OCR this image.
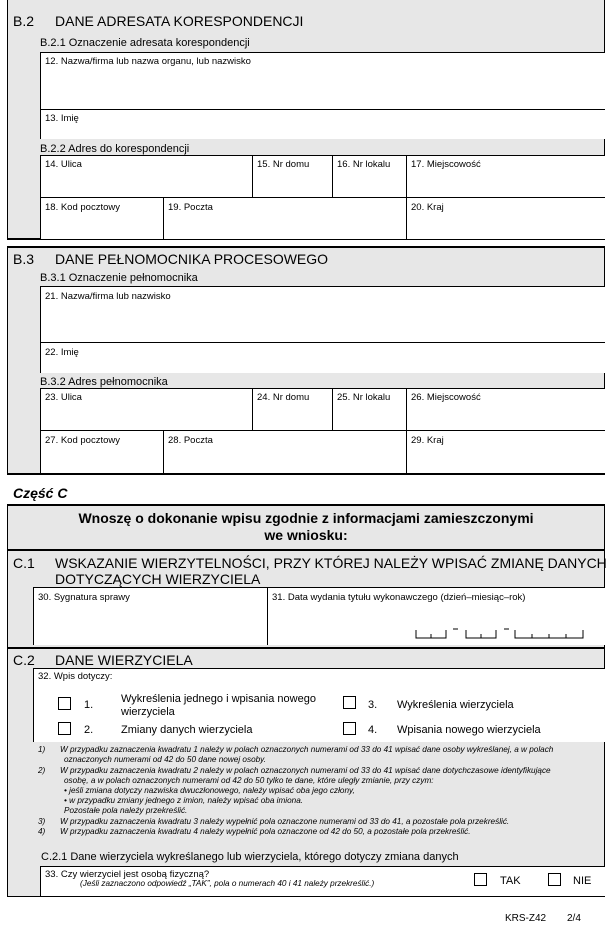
B.2 DANE ADRESATA KORESPONDENCJI
B.2.1 Oznaczenie adresata korespondencji
12. Nazwa/firma lub nazwa organu, lub nazwisko
13. Imię
B.2.2 Adres do korespondencji
14. Ulica	15. Nr domu	16. Nr lokalu 17. Miejscowość
18. Kod pocztowy	19. Poczta	20. Kraj
B.3 DANE PEŁNOMOCNIKA PROCESOWEGO
B.3.1 Oznaczenie pełnomocnika
21. Nazwa/firma lub nazwisko
22. Imię
B.3.2 Adres pełnomocnika
23. Ulica	24. Nr domu	25. Nr lokalu 26. Miejscowość
27. Kod pocztowy	28. Poczta	29. Kraj
Część C
Wnoszę o dokonanie wpisu zgodnie z informacjami zamieszczonymi
we wniosku:
C.1 WSKAZANIE WIERZYTELNOŚCI, PRZY KTÓREJ NALEŻY WPISAĆ ZMIANĘ DANYCH
DOTYCZĄCYCH WIERZYCIELA
30. Sygnatura sprawy	31. Data wydania tytułu wykonawczego (dzień–miesiąc–rok)
C.2 DANE WIERZYCIELA
32. Wpis dotyczy:
1.	Wykreślenia jednego i wpisania nowego
wierzyciela
2.	Zmiany danych wierzyciela
3. Wykreślenia wierzyciela
4. Wpisania nowego wierzyciela
1) W przypadku zaznaczenia kwadratu 1 należy w polach oznaczonych numerami od 33 do 41 wpisać dane osoby wykreślanej, a w polach
oznaczonych numerami od 42 do 50 dane nowej osoby.
2) W przypadku zaznaczenia kwadratu 2 należy w polach oznaczonych numerami od 33 do 41 wpisać dane dotychczasowe identyfikujące
osobę, a w polach oznaczonych numerami od 42 do 50 tylko te dane, które uległy zmianie, przy czym:
• jeśli zmiana dotyczy nazwiska dwuczłonowego, należy wpisać oba jego człony,
• w przypadku zmiany jednego z imion, należy wpisać oba imiona.
Pozostałe pola należy przekreślić.
3) W przypadku zaznaczenia kwadratu 3 należy wypełnić pola oznaczone numerami od 33 do 41, a pozostałe pola przekreślić.
4) W przypadku zaznaczenia kwadratu 4 należy wypełnić pola oznaczone od 42 do 50, a pozostałe pola przekreślić.
C.2.1 Dane wierzyciela wykreślanego lub wierzyciela, którego dotyczy zmiana danych
33. Czy wierzyciel jest osobą fizyczną?
(Jeśli zaznaczono odpowiedź „TAK”, pola o numerach 40 i 41 należy przekreślić.)	TAK	NIE
KRS-Z42 2/4
